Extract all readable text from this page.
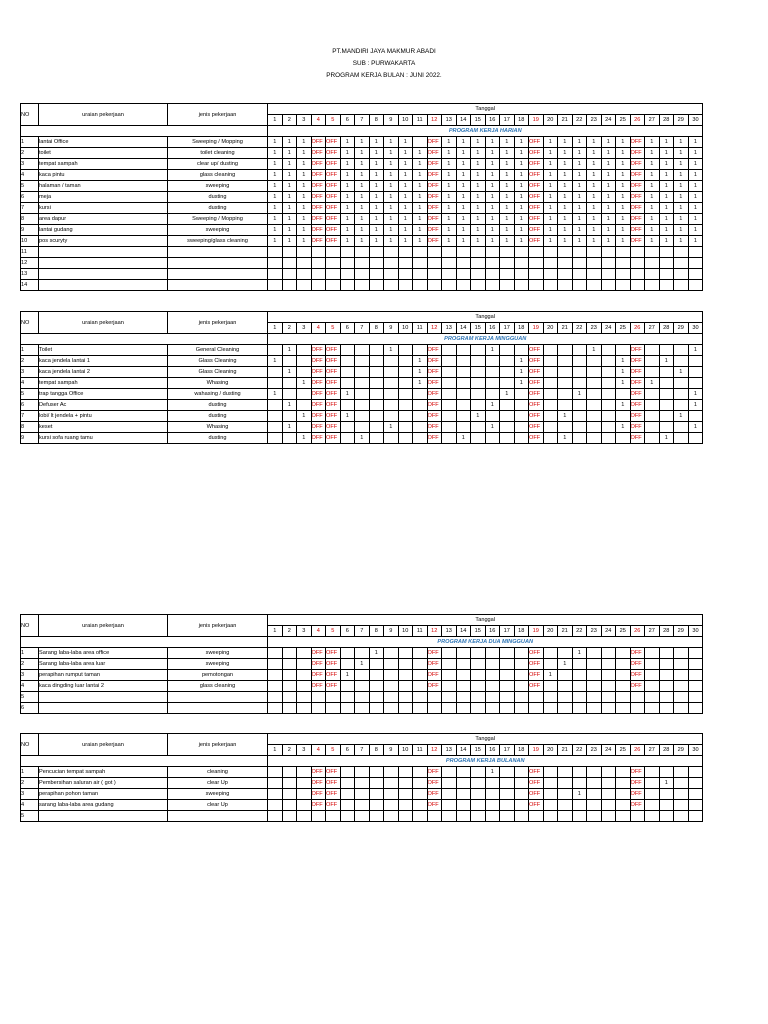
PT.MANDIRI JAYA MAKMUR ABADI
SUB : PURWAKARTA
PROGRAM KERJA BULAN : JUNI 2022.
NO	uraian pekerjaan	jenis pekerjaan	Tanggal																													
			1	2	3	4	5	6	7	8	9	10	11	12	13	14	15	16	17	18	19	20	21	22	23	24	25	26	27	28	29	30
			PROGRAM KERJA HARIAN																													
1	lantai Office	Sweeping / Mopping	1	1	1	OFF	OFF	1	1	1	1	1		OFF	1	1	1	1	1	1	OFF	1	1	1	1	1	1	OFF	1	1	1	1
2	toilet	toilet cleaning	1	1	1	OFF	OFF	1	1	1	1	1	1	OFF	1	1	1	1	1	1	OFF	1	1	1	1	1	1	OFF	1	1	1	1
3	tempat sampah	clear up/ dusting	1	1	1	OFF	OFF	1	1	1	1	1	1	OFF	1	1	1	1	1	1	OFF	1	1	1	1	1	1	OFF	1	1	1	1
4	kaca pintu	glass cleaning	1	1	1	OFF	OFF	1	1	1	1	1	1	OFF	1	1	1	1	1	1	OFF	1	1	1	1	1	1	OFF	1	1	1	1
5	halaman / taman	sweeping	1	1	1	OFF	OFF	1	1	1	1	1	1	OFF	1	1	1	1	1	1	OFF	1	1	1	1	1	1	OFF	1	1	1	1
6	meja	dusting	1	1	1	OFF	OFF	1	1	1	1	1	1	OFF	1	1	1	1	1	1	OFF	1	1	1	1	1	1	OFF	1	1	1	1
7	kursi	dusting	1	1	1	OFF	OFF	1	1	1	1	1	1	OFF	1	1	1	1	1	1	OFF	1	1	1	1	1	1	OFF	1	1	1	1
8	area dapur	Sweeping / Mopping	1	1	1	OFF	OFF	1	1	1	1	1	1	OFF	1	1	1	1	1	1	OFF	1	1	1	1	1	1	OFF	1	1	1	1
9	lantai gudang	sweeping	1	1	1	OFF	OFF	1	1	1	1	1	1	OFF	1	1	1	1	1	1	OFF	1	1	1	1	1	1	OFF	1	1	1	1
10	pos scuryty	sweeping/glass cleaning	1	1	1	OFF	OFF	1	1	1	1	1	1	OFF	1	1	1	1	1	1	OFF	1	1	1	1	1	1	OFF	1	1	1	1
11																																
12																																
13																																
14																																
NO	uraian pekerjaan	jenis pekerjaan	Tanggal																													
			1	2	3	4	5	6	7	8	9	10	11	12	13	14	15	16	17	18	19	20	21	22	23	24	25	26	27	28	29	30
			PROGRAM KERJA MINGGUAN																													
1	Toilet	General Cleaning		1		OFF	OFF				1			OFF				1			OFF				1			OFF				1
2	kaca jendela lantai 1	Glass Cleaning	1			OFF	OFF						1	OFF						1	OFF						1	OFF		1		
3	kaca jendela lantai 2	Glass Cleaning		1		OFF	OFF						1	OFF						1	OFF						1	OFF			1	
4	tempat sampah	Whasing			1	OFF	OFF						1	OFF						1	OFF						1	OFF	1			
5	trap tangga Office	wahasing / dusting	1			OFF	OFF	1						OFF					1		OFF			1				OFF				1
6	Defuser Ac	dusting		1		OFF	OFF							OFF				1			OFF						1	OFF				1
7	lobi/ lt jendela + pintu	dusting			1	OFF	OFF	1						OFF			1				OFF		1					OFF			1	
8	keset	Whasing		1		OFF	OFF				1			OFF				1			OFF						1	OFF				1
9	kursi sofa ruang tamu	dusting			1	OFF	OFF		1					OFF		1					OFF		1					OFF		1		
NO	uraian pekerjaan	jenis pekerjaan	Tanggal																													
			1	2	3	4	5	6	7	8	9	10	11	12	13	14	15	16	17	18	19	20	21	22	23	24	25	26	27	28	29	30
			PROGRAM KERJA DUA MINGGUAN																													
1	Sarang laba-laba area office	sweeping				OFF	OFF			1				OFF							OFF			1				OFF				
2	Sarang laba-laba area luar	sweeping				OFF	OFF		1					OFF							OFF		1					OFF				
3	perapihan rumput taman	pemotongan				OFF	OFF	1						OFF							OFF	1						OFF				
4	kaca dingding luar lantai 2	glass cleaning				OFF	OFF							OFF							OFF							OFF				
5																																
6																																
NO	uraian pekerjaan	jenis pekerjaan	Tanggal																													
			1	2	3	4	5	6	7	8	9	10	11	12	13	14	15	16	17	18	19	20	21	22	23	24	25	26	27	28	29	30
			PROGRAM KERJA BULANAN																													
1	Pencucian tempat sampah	cleaning				OFF	OFF							OFF				1			OFF							OFF				
2	Pembersihan saluran air ( got )	clear Up				OFF	OFF							OFF							OFF							OFF		1		
3	perapihan pohon taman	sweeping				OFF	OFF							OFF							OFF			1				OFF				
4	sarang laba-laba area gudang	clear Up				OFF	OFF							OFF							OFF							OFF				
5																																
